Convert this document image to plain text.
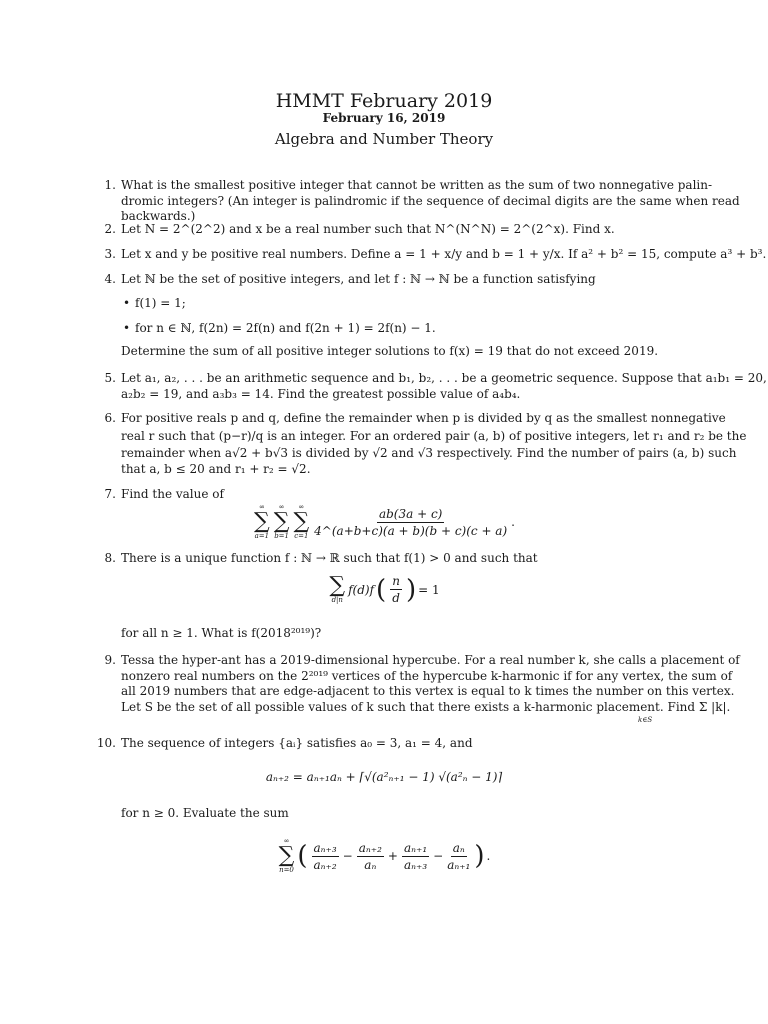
HMMT February 2019
February 16, 2019
Algebra and Number Theory
1. What is the smallest positive integer that cannot be written as the sum of two nonnegative palin-
dromic integers? (An integer is palindromic if the sequence of decimal digits are the same when read
backwards.)
2. Let N = 2^(2^2) and x be a real number such that N^(N^N) = 2^(2^x). Find x.
3. Let x and y be positive real numbers. Define a = 1 + x/y and b = 1 + y/x. If a² + b² = 15, compute a³ + b³.
4. Let ℕ be the set of positive integers, and let f : ℕ → ℕ be a function satisfying
• f(1) = 1;
• for n ∈ ℕ, f(2n) = 2f(n) and f(2n + 1) = 2f(n) − 1.
Determine the sum of all positive integer solutions to f(x) = 19 that do not exceed 2019.
5. Let a₁, a₂, . . . be an arithmetic sequence and b₁, b₂, . . . be a geometric sequence. Suppose that a₁b₁ = 20,
a₂b₂ = 19, and a₃b₃ = 14. Find the greatest possible value of a₄b₄.
6. For positive reals p and q, define the remainder when p is divided by q as the smallest nonnegative
real r such that (p−r)/q is an integer. For an ordered pair (a, b) of positive integers, let r₁ and r₂ be the
remainder when a√2 + b√3 is divided by √2 and √3 respectively. Find the number of pairs (a, b) such
that a, b ≤ 20 and r₁ + r₂ = √2.
7. Find the value of
∞
∑
a=1
∞
∑
b=1
∞
∑
$c=1 \frac{ab(3a + c)}{4\^{}(a+b+c)(a + b)(b + c)(c + a)}$ .
8. There is a unique function f : ℕ → ℝ such that f(1) > 0 and such that
∑
d|n
f(d)f ( $\frac{n}{d}$ ) = 1
for all n ≥ 1. What is f(2018²⁰¹⁹)?
9. Tessa the hyper-ant has a 2019-dimensional hypercube. For a real number k, she calls a placement of
nonzero real numbers on the 2²⁰¹⁹ vertices of the hypercube k-harmonic if for any vertex, the sum of
all 2019 numbers that are edge-adjacent to this vertex is equal to k times the number on this vertex.
Let S be the set of all possible values of k such that there exists a k-harmonic placement. Find Σ |k|.
k∈S
10. The sequence of integers {aᵢ} satisfies a₀ = 3, a₁ = 4, and
aₙ₊₂ = aₙ₊₁aₙ + ⌈√(a²ₙ₊₁ − 1) √(a²ₙ − 1)⌉
for n ≥ 0. Evaluate the sum
∞
∑
n=0 ( $\frac{\text{aₙ₊₃}}{\text{aₙ₊₂}} - \frac{\text{aₙ₊₂}}{\text{aₙ}} + \frac{\text{aₙ₊₁}}{\text{aₙ₊₃}} - \frac{\text{aₙ}}{\text{aₙ₊₁}}$ ) .
